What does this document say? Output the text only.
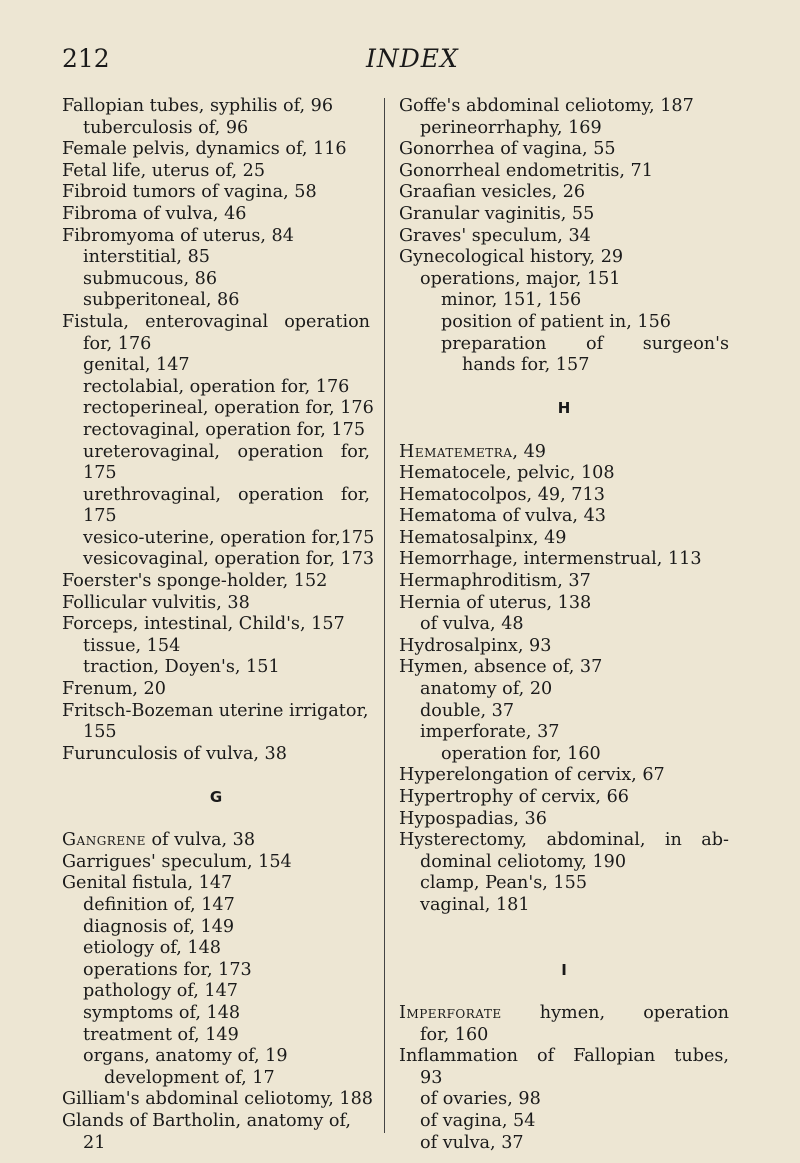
212	INDEX
Fallopian tubes, syphilis of, 96
tuberculosis of, 96
Female pelvis, dynamics of, 116
Fetal life, uterus of, 25
Fibroid tumors of vagina, 58
Fibroma of vulva, 46
Fibromyoma of uterus, 84
interstitial, 85
submucous, 86
subperitoneal, 86
Fistula, enterovaginal operation
for, 176
genital, 147
rectolabial, operation for, 176
rectoperineal, operation for, 176
rectovaginal, operation for, 175
ureterovaginal, operation for,
175
urethrovaginal, operation for,
175
vesico-uterine, operation for,175
vesicovaginal, operation for, 173
Foerster's sponge-holder, 152
Follicular vulvitis, 38
Forceps, intestinal, Child's, 157
tissue, 154
traction, Doyen's, 151
Frenum, 20
Fritsch-Bozeman uterine irrigator,
155
Furunculosis of vulva, 38
G
Gangrene of vulva, 38
Garrigues' speculum, 154
Genital fistula, 147
definition of, 147
diagnosis of, 149
etiology of, 148
operations for, 173
pathology of, 147
symptoms of, 148
treatment of, 149
organs, anatomy of, 19
development of, 17
Gilliam's abdominal celiotomy, 188
Glands of Bartholin, anatomy of,
21
Goffe's abdominal celiotomy, 187
perineorrhaphy, 169
Gonorrhea of vagina, 55
Gonorrheal endometritis, 71
Graafian vesicles, 26
Granular vaginitis, 55
Graves' speculum, 34
Gynecological history, 29
operations, major, 151
minor, 151, 156
position of patient in, 156
preparation of surgeon's
hands for, 157
H
Hematemetra, 49
Hematocele, pelvic, 108
Hematocolpos, 49, 713
Hematoma of vulva, 43
Hematosalpinx, 49
Hemorrhage, intermenstrual, 113
Hermaphroditism, 37
Hernia of uterus, 138
of vulva, 48
Hydrosalpinx, 93
Hymen, absence of, 37
anatomy of, 20
double, 37
imperforate, 37
operation for, 160
Hyperelongation of cervix, 67
Hypertrophy of cervix, 66
Hypospadias, 36
Hysterectomy, abdominal, in ab-
dominal celiotomy, 190
clamp, Pean's, 155
vaginal, 181
I
Imperforate hymen, operation
for, 160
Inflammation of Fallopian tubes,
93
of ovaries, 98
of vagina, 54
of vulva, 37
